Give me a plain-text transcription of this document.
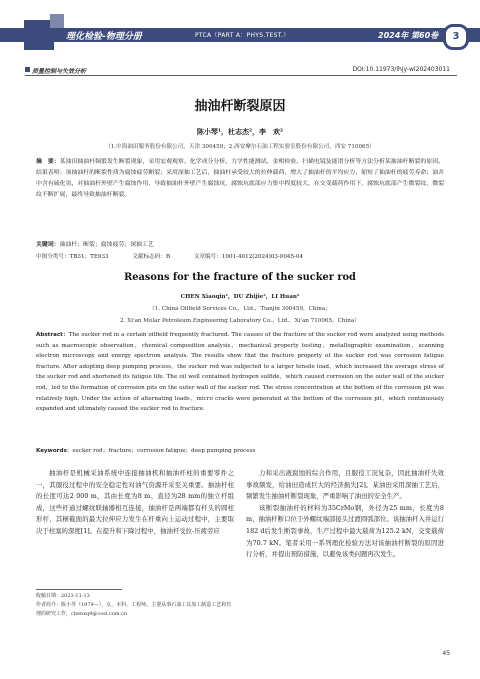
理化检验-物理分册	PTCA（PART A：PHYS.TEST.）	2024年 第60卷	3
质量控制与失效分析	DOI:10.11973/lhjy-wl202403011
抽油杆断裂原因
陈小琴¹，杜志杰²，李　欢²
（1.中海油田服务股份有限公司，天津 300459；2.西安摩尔石油工程实验室股份有限公司，西安 710065）
摘　要：某油田抽油杆频繁发生断裂现象，采用宏观观察、化学成分分析、力学性能测试、金相检验、扫描电镜及能谱分析等方法分析某抽油杆断裂的原因。结果表明：该抽油杆的断裂性质为腐蚀疲劳断裂；采用深抽工艺后，抽油杆承受较大的拉伸载荷，增大了抽油杆的平均应力，缩短了抽油杆的疲劳寿命；油井中含有硫化氢，对抽油杆外壁产生腐蚀作用，导致抽油杆外壁产生腐蚀坑，腐蚀坑底部应力集中程度较大，在交变载荷作用下，腐蚀坑底部产生微裂纹，微裂纹不断扩展，最终导致抽油杆断裂。
关键词：抽油杆；断裂；腐蚀疲劳；深抽工艺
中图分类号：TB31；TE933	文献标志码：B	文章编号：1001-4012(2024)03-0045-04
Reasons for the fracture of the sucker rod
CHEN Xiaoqin¹，DU Zhijie²，LI Huan²
（1. China Oilfield Services Co.，Ltd.，Tianjin 300459，China；
2. Xi'an Molar Petroleum Engineering Laboratory Co.，Ltd.，Xi'an 710065，China）
Abstract：The sucker rod in a certain oilfield frequently fractured. The causes of the fracture of the sucker rod were analyzed using methods such as macroscopic observation，chemical composition analysis，mechanical property testing，metallographic examination，scanning electron microscopy and energy spectrum analysis. The results show that the fracture property of the sucker rod was corrosion fatigue fracture. After adopting deep pumping process，the sucker rod was subjected to a larger tensile load，which increased the average stress of the sucker rod and shortened its fatigue life. The oil well contained hydrogen sulfide，which caused corrosion on the outer wall of the sucker rod，led to the formation of corrosion pits on the outer wall of the sucker rod. The stress concentration at the bottom of the corrosion pit was relatively high. Under the action of alternating loads，micro cracks were generated at the bottom of the corrosion pit，which continuously expanded and ultimately caused the sucker rod to fracture.
Keywords：sucker rod；fracture；corrosion fatigue；deep pumping process

抽油杆是机械采油系统中连接抽油机和抽油杆柱的重要零件之一，其服役过程中的安全稳定性对油气资源开采至关重要。抽油杆柱的长度可达2 000 m，其由长度为8 m、直径为28 mm的独立杆组成，这些杆通过螺纹联轴器相互连接，抽油杆是两端都有杆头的圆柱形杆，其横截面的最大拉伸应力发生在杆重向上运动过程中，主要取决于柱塞的深度[1]。在提升和下降过程中，抽油杆受拉-压疲劳应

力和采出液腐蚀的综合作用，且服役工况复杂，因此抽油杆失效事故频发，给油田造成巨大的经济损失[2]。某油田采用深抽工艺后，频繁发生抽油杆断裂现象，严重影响了油田的安全生产。

该断裂抽油杆的材料为35CrMo钢，外径为25 mm，长度为8 m，抽油杆断口位于外螺纹端部接头过渡圆弧部位。该抽油杆入井运行182 d后发生断裂事故，生产过程中最大载荷为125.2 kN，交变载荷为70.7 kN。笔者采用一系列理化检验方法对该抽油杆断裂的原因进行分析，并提出预防措施，以避免该类问题再次发生。

收稿日期：2023-11-13
作者简介：陈小琴（1979—），女，本科，工程师，主要从事石油工具加工制造工艺和管理的研究工作，chenxq9@cosl.com.cn
45
